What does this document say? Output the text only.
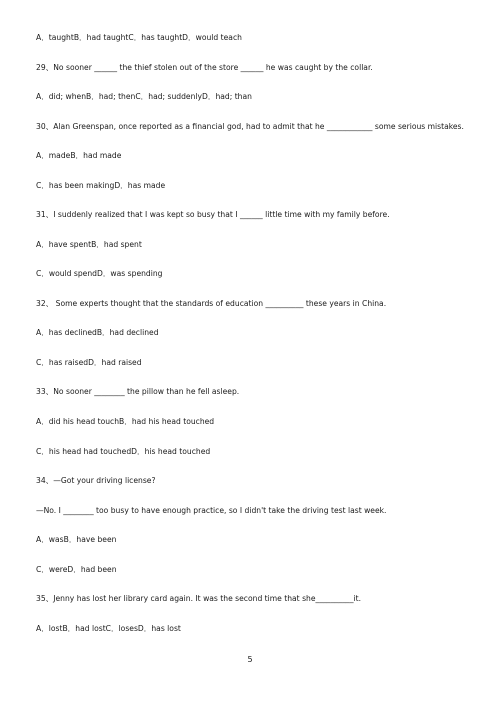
A．taughtB．had taughtC．has taughtD．would teach
29、No sooner ______ the thief stolen out of the store ______ he was caught by the collar.
A．did; whenB．had; thenC．had; suddenlyD．had; than
30、Alan Greenspan, once reported as a financial god, had to admit that he ____________ some serious mistakes.
A．madeB．had made
C．has been makingD．has made
31、I suddenly realized that I was kept so busy that I ______ little time with my family before.
A．have spentB．had spent
C．would spendD．was spending
32、 Some experts thought that the standards of education __________ these years in China.
A．has declinedB．had declined
C．has raisedD．had raised
33、No sooner ________ the pillow than he fell asleep.
A．did his head touchB．had his head touched
C．his head had touchedD．his head touched
34、—Got your driving license?
—No. I ________ too busy to have enough practice, so I didn't take the driving test last week.
A．wasB．have been
C．wereD．had been
35、Jenny has lost her library card again. It was the second time that she__________it.
A．lostB．had lostC．losesD．has lost
5
